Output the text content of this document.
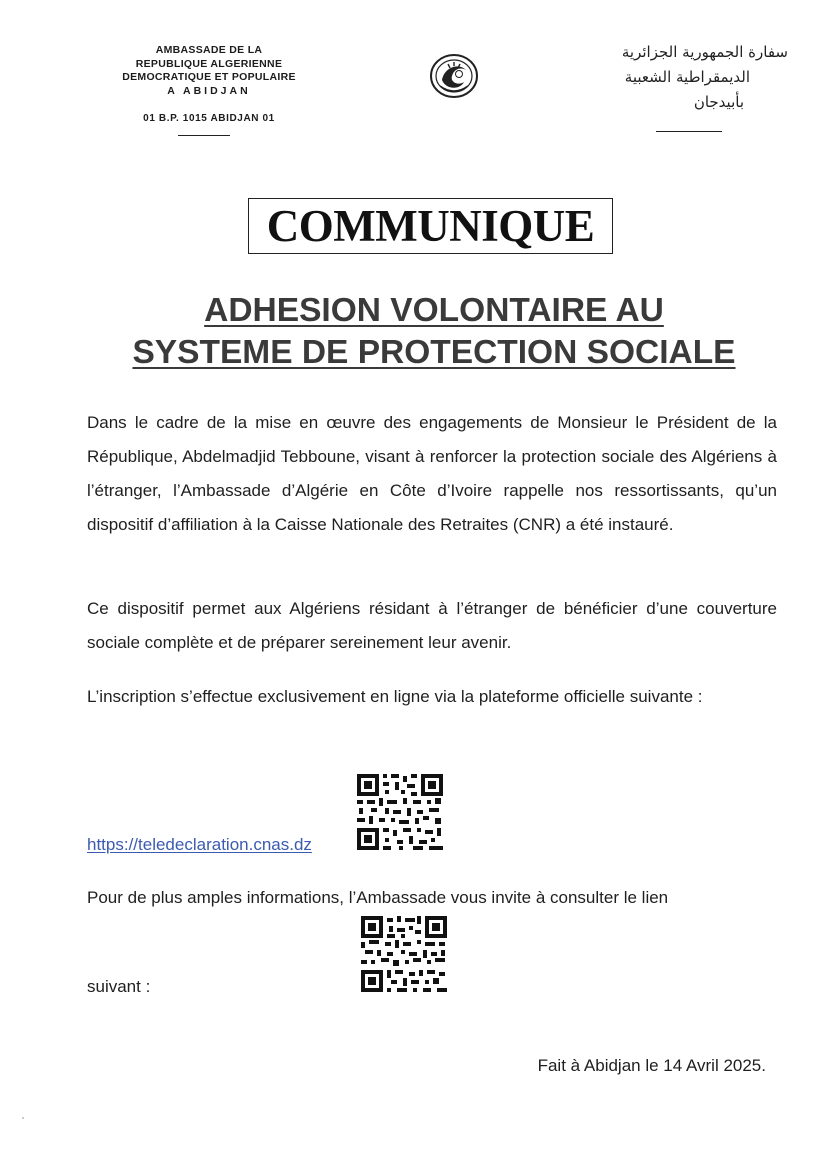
AMBASSADE DE LA
REPUBLIQUE ALGERIENNE
DEMOCRATIQUE ET POPULAIRE
A ABIDJAN
01 B.P. 1015 ABIDJAN 01
سفارة الجمهورية الجزائرية
الديمقراطية الشعبية
بأبيدجان
COMMUNIQUE
ADHESION VOLONTAIRE AU
SYSTEME DE PROTECTION SOCIALE

Dans le cadre de la mise en œuvre des engagements de Monsieur le Président de la République, Abdelmadjid Tebboune, visant à renforcer la protection sociale des Algériens à l’étranger, l’Ambassade d’Algérie en Côte d’Ivoire rappelle nos ressortissants, qu’un dispositif d’affiliation à la Caisse Nationale des Retraites (CNR) a été instauré.

Ce dispositif permet aux Algériens résidant à l’étranger de bénéficier d’une couverture sociale complète et de préparer sereinement leur avenir.

L’inscription s’effectue exclusivement en ligne via la plateforme officielle suivante :

https://teledeclaration.cnas.dz
Pour de plus amples informations, l’Ambassade vous invite à consulter le lien
suivant :
Fait à Abidjan le 14 Avril 2025.
